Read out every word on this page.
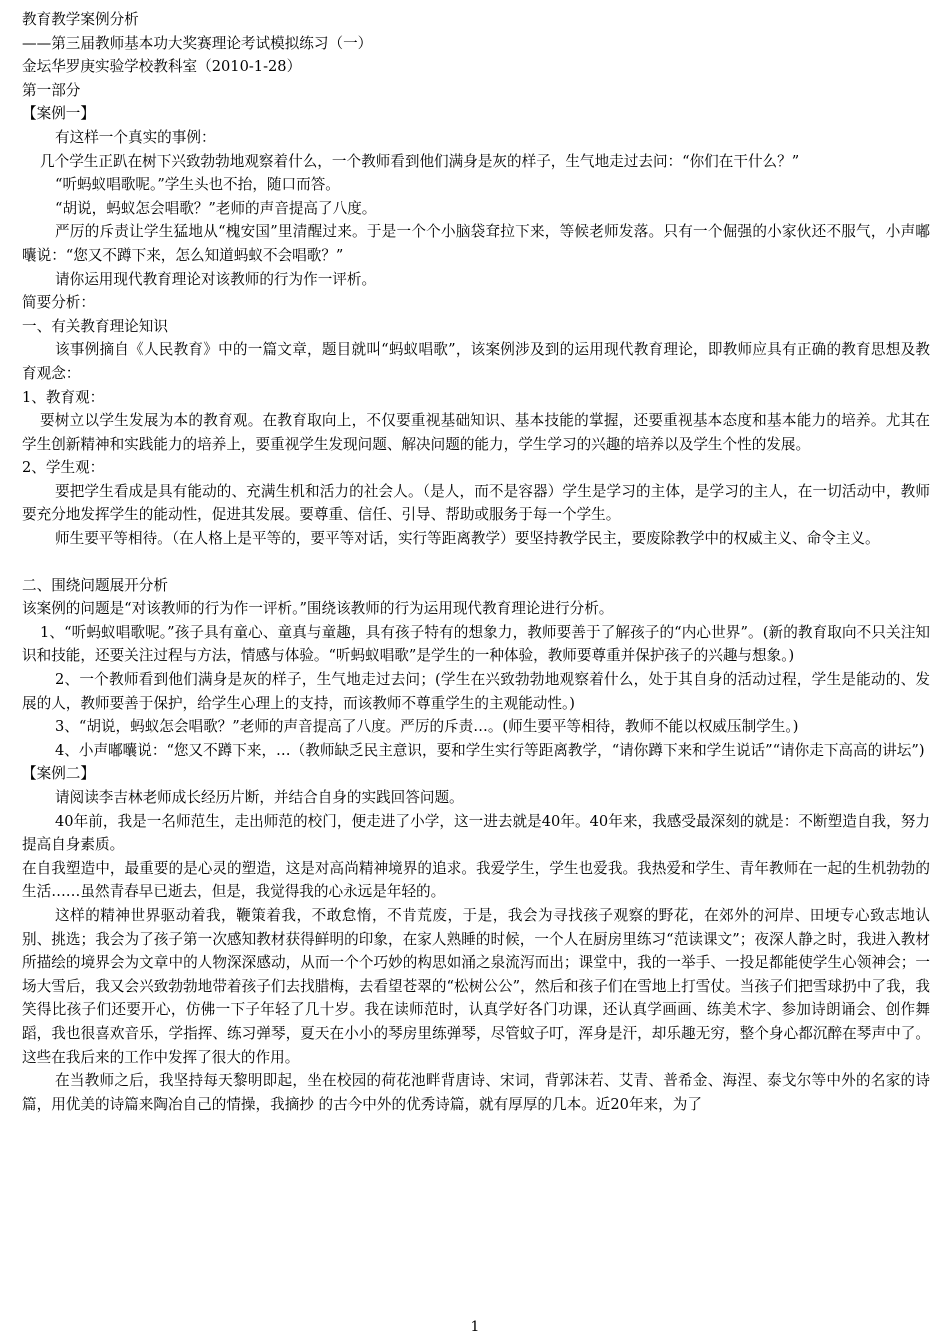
教育教学案例分析
——第三届教师基本功大奖赛理论考试模拟练习（一）
金坛华罗庚实验学校教科室（2010-1-28）
第一部分
【案例一】
有这样一个真实的事例：
几个学生正趴在树下兴致勃勃地观察着什么，一个教师看到他们满身是灰的样子，生气地走过去问：“你们在干什么？”
“听蚂蚁唱歌呢。”学生头也不抬，随口而答。
“胡说，蚂蚁怎会唱歌？”老师的声音提高了八度。
严厉的斥责让学生猛地从“槐安国”里清醒过来。于是一个个小脑袋耷拉下来，等候老师发落。只有一个倔强的小家伙还不服气，小声嘟囔说：“您又不蹲下来，怎么知道蚂蚁不会唱歌？”
请你运用现代教育理论对该教师的行为作一评析。
简要分析：
一、有关教育理论知识
该事例摘自《人民教育》中的一篇文章，题目就叫“蚂蚁唱歌”，该案例涉及到的运用现代教育理论，即教师应具有正确的教育思想及教育观念：
1、教育观：
要树立以学生发展为本的教育观。在教育取向上，不仅要重视基础知识、基本技能的掌握，还要重视基本态度和基本能力的培养。尤其在学生创新精神和实践能力的培养上，要重视学生发现问题、解决问题的能力，学生学习的兴趣的培养以及学生个性的发展。
2、学生观：
要把学生看成是具有能动的、充满生机和活力的社会人。（是人，而不是容器）学生是学习的主体，是学习的主人，在一切活动中，教师要充分地发挥学生的能动性，促进其发展。要尊重、信任、引导、帮助或服务于每一个学生。
师生要平等相待。（在人格上是平等的，要平等对话，实行等距离教学）要坚持教学民主，要废除教学中的权威主义、命令主义。
二、围绕问题展开分析
该案例的问题是“对该教师的行为作一评析。”围绕该教师的行为运用现代教育理论进行分析。
1、“听蚂蚁唱歌呢。”孩子具有童心、童真与童趣，具有孩子特有的想象力，教师要善于了解孩子的“内心世界”。(新的教育取向不只关注知识和技能，还要关注过程与方法，情感与体验。“听蚂蚁唱歌”是学生的一种体验，教师要尊重并保护孩子的兴趣与想象。)
2、一个教师看到他们满身是灰的样子，生气地走过去问；(学生在兴致勃勃地观察着什么，处于其自身的活动过程，学生是能动的、发展的人，教师要善于保护，给学生心理上的支持，而该教师不尊重学生的主观能动性。)
3、“胡说，蚂蚁怎会唱歌？”老师的声音提高了八度。严厉的斥责…。(师生要平等相待，教师不能以权威压制学生。)
4、小声嘟囔说：“您又不蹲下来，…（教师缺乏民主意识，要和学生实行等距离教学，“请你蹲下来和学生说话”“请你走下高高的讲坛”)
【案例二】
请阅读李吉林老师成长经历片断，并结合自身的实践回答问题。
40年前，我是一名师范生，走出师范的校门，便走进了小学，这一进去就是40年。40年来，我感受最深刻的就是：不断塑造自我，努力提高自身素质。
在自我塑造中，最重要的是心灵的塑造，这是对高尚精神境界的追求。我爱学生，学生也爱我。我热爱和学生、青年教师在一起的生机勃勃的生活……虽然青春早已逝去，但是，我觉得我的心永远是年轻的。
这样的精神世界驱动着我，鞭策着我，不敢怠惰，不肯荒废，于是，我会为寻找孩子观察的野花，在郊外的河岸、田埂专心致志地认别、挑选；我会为了孩子第一次感知教材获得鲜明的印象，在家人熟睡的时候，一个人在厨房里练习“范读课文”；夜深人静之时，我进入教材所描绘的境界会为文章中的人物深深感动，从而一个个巧妙的构思如涌之泉流泻而出；课堂中，我的一举手、一投足都能使学生心领神会；一场大雪后，我又会兴致勃勃地带着孩子们去找腊梅，去看望苍翠的“松树公公”，然后和孩子们在雪地上打雪仗。当孩子们把雪球扔中了我，我笑得比孩子们还要开心，仿佛一下子年轻了几十岁。我在读师范时，认真学好各门功课，还认真学画画、练美术字、参加诗朗诵会、创作舞蹈，我也很喜欢音乐，学指挥、练习弹琴，夏天在小小的琴房里练弹琴，尽管蚊子叮，浑身是汗，却乐趣无穷，整个身心都沉醉在琴声中了。这些在我后来的工作中发挥了很大的作用。
在当教师之后，我坚持每天黎明即起，坐在校园的荷花池畔背唐诗、宋词，背郭沫若、艾青、普希金、海涅、泰戈尔等中外的名家的诗篇，用优美的诗篇来陶冶自己的情操，我摘抄 的古今中外的优秀诗篇，就有厚厚的几本。近20年来，为了
1
